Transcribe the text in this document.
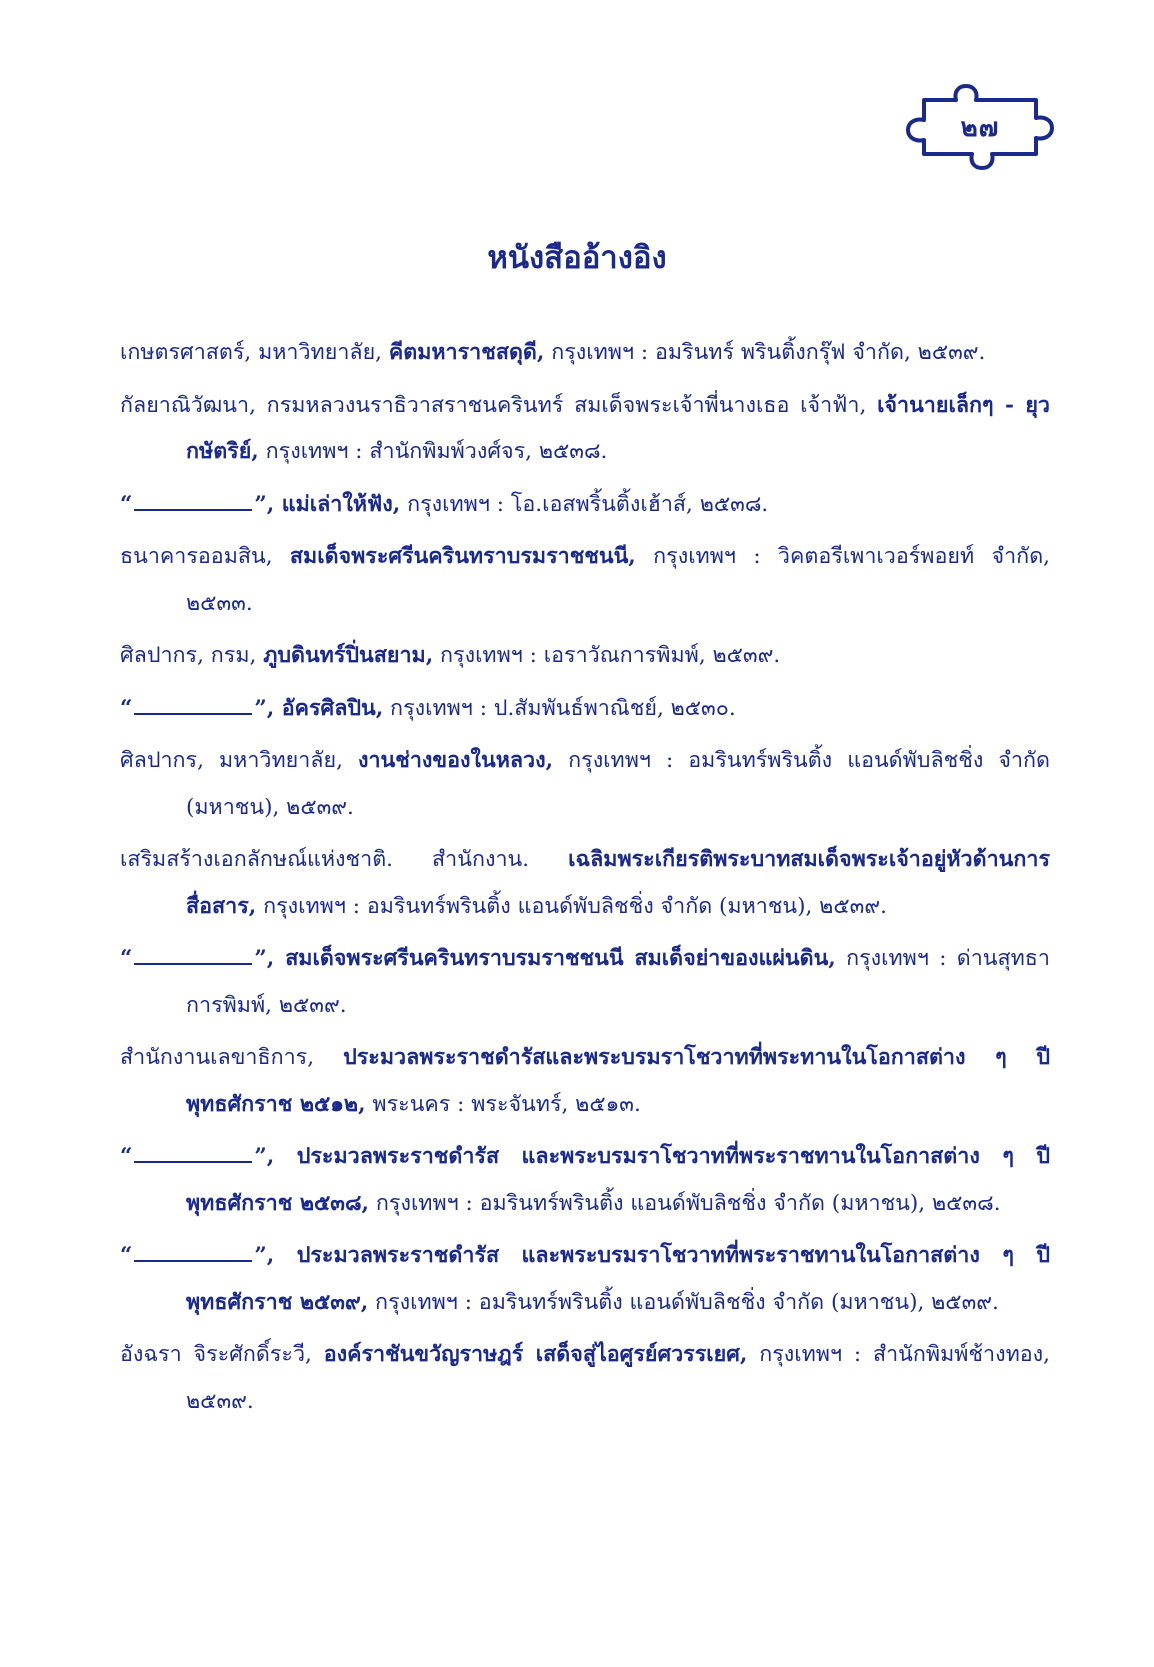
๒๗
หนังสืออ้างอิง

เกษตรศาสตร์, มหาวิทยาลัย, คีตมหาราชสดุดี, กรุงเทพฯ : อมรินทร์ พรินติ้งกรุ๊ฟ จำกัด, ๒๕๓๙.

กัลยาณิวัฒนา, กรมหลวงนราธิวาสราชนครินทร์ สมเด็จพระเจ้าพี่นางเธอ เจ้าฟ้า, เจ้านายเล็กๆ - ยุวกษัตริย์, กรุงเทพฯ : สำนักพิมพ์วงศ์จร, ๒๕๓๘.

“	”, แม่เล่าให้ฟัง, กรุงเทพฯ : โอ.เอสพริ้นติ้งเฮ้าส์, ๒๕๓๘.

ธนาคารออมสิน, สมเด็จพระศรีนครินทราบรมราชชนนี, กรุงเทพฯ : วิคตอรีเพาเวอร์พอยท์ จำกัด, ๒๕๓๓.

ศิลปากร, กรม, ภูบดินทร์ปิ่นสยาม, กรุงเทพฯ : เอราวัณการพิมพ์, ๒๕๓๙.

“	”, อัครศิลปิน, กรุงเทพฯ : ป.สัมพันธ์พาณิชย์, ๒๕๓๐.

ศิลปากร, มหาวิทยาลัย, งานช่างของในหลวง, กรุงเทพฯ : อมรินทร์พรินติ้ง แอนด์พับลิชชิ่ง จำกัด (มหาชน), ๒๕๓๙.

เสริมสร้างเอกลักษณ์แห่งชาติ. สำนักงาน. เฉลิมพระเกียรติพระบาทสมเด็จพระเจ้าอยู่หัวด้านการสื่อสาร, กรุงเทพฯ : อมรินทร์พรินติ้ง แอนด์พับลิชชิ่ง จำกัด (มหาชน), ๒๕๓๙.

“	”, สมเด็จพระศรีนครินทราบรมราชชนนี สมเด็จย่าของแผ่นดิน, กรุงเทพฯ : ด่านสุทธาการพิมพ์, ๒๕๓๙.

สำนักงานเลขาธิการ, ประมวลพระราชดำรัสและพระบรมราโชวาทที่พระทานในโอกาสต่าง ๆ ปีพุทธศักราช ๒๕๑๒, พระนคร : พระจันทร์, ๒๕๑๓.

“	”, ประมวลพระราชดำรัส และพระบรมราโชวาทที่พระราชทานในโอกาสต่าง ๆ ปีพุทธศักราช ๒๕๓๘, กรุงเทพฯ : อมรินทร์พรินติ้ง แอนด์พับลิชชิ่ง จำกัด (มหาชน), ๒๕๓๘.

“	”, ประมวลพระราชดำรัส และพระบรมราโชวาทที่พระราชทานในโอกาสต่าง ๆ ปีพุทธศักราช ๒๕๓๙, กรุงเทพฯ : อมรินทร์พรินติ้ง แอนด์พับลิชชิ่ง จำกัด (มหาชน), ๒๕๓๙.

อังฉรา จิระศักดิ์ระวี, องค์ราชันขวัญราษฎร์ เสด็จสู่ไอศูรย์ศวรรเยศ, กรุงเทพฯ : สำนักพิมพ์ช้างทอง, ๒๕๓๙.
